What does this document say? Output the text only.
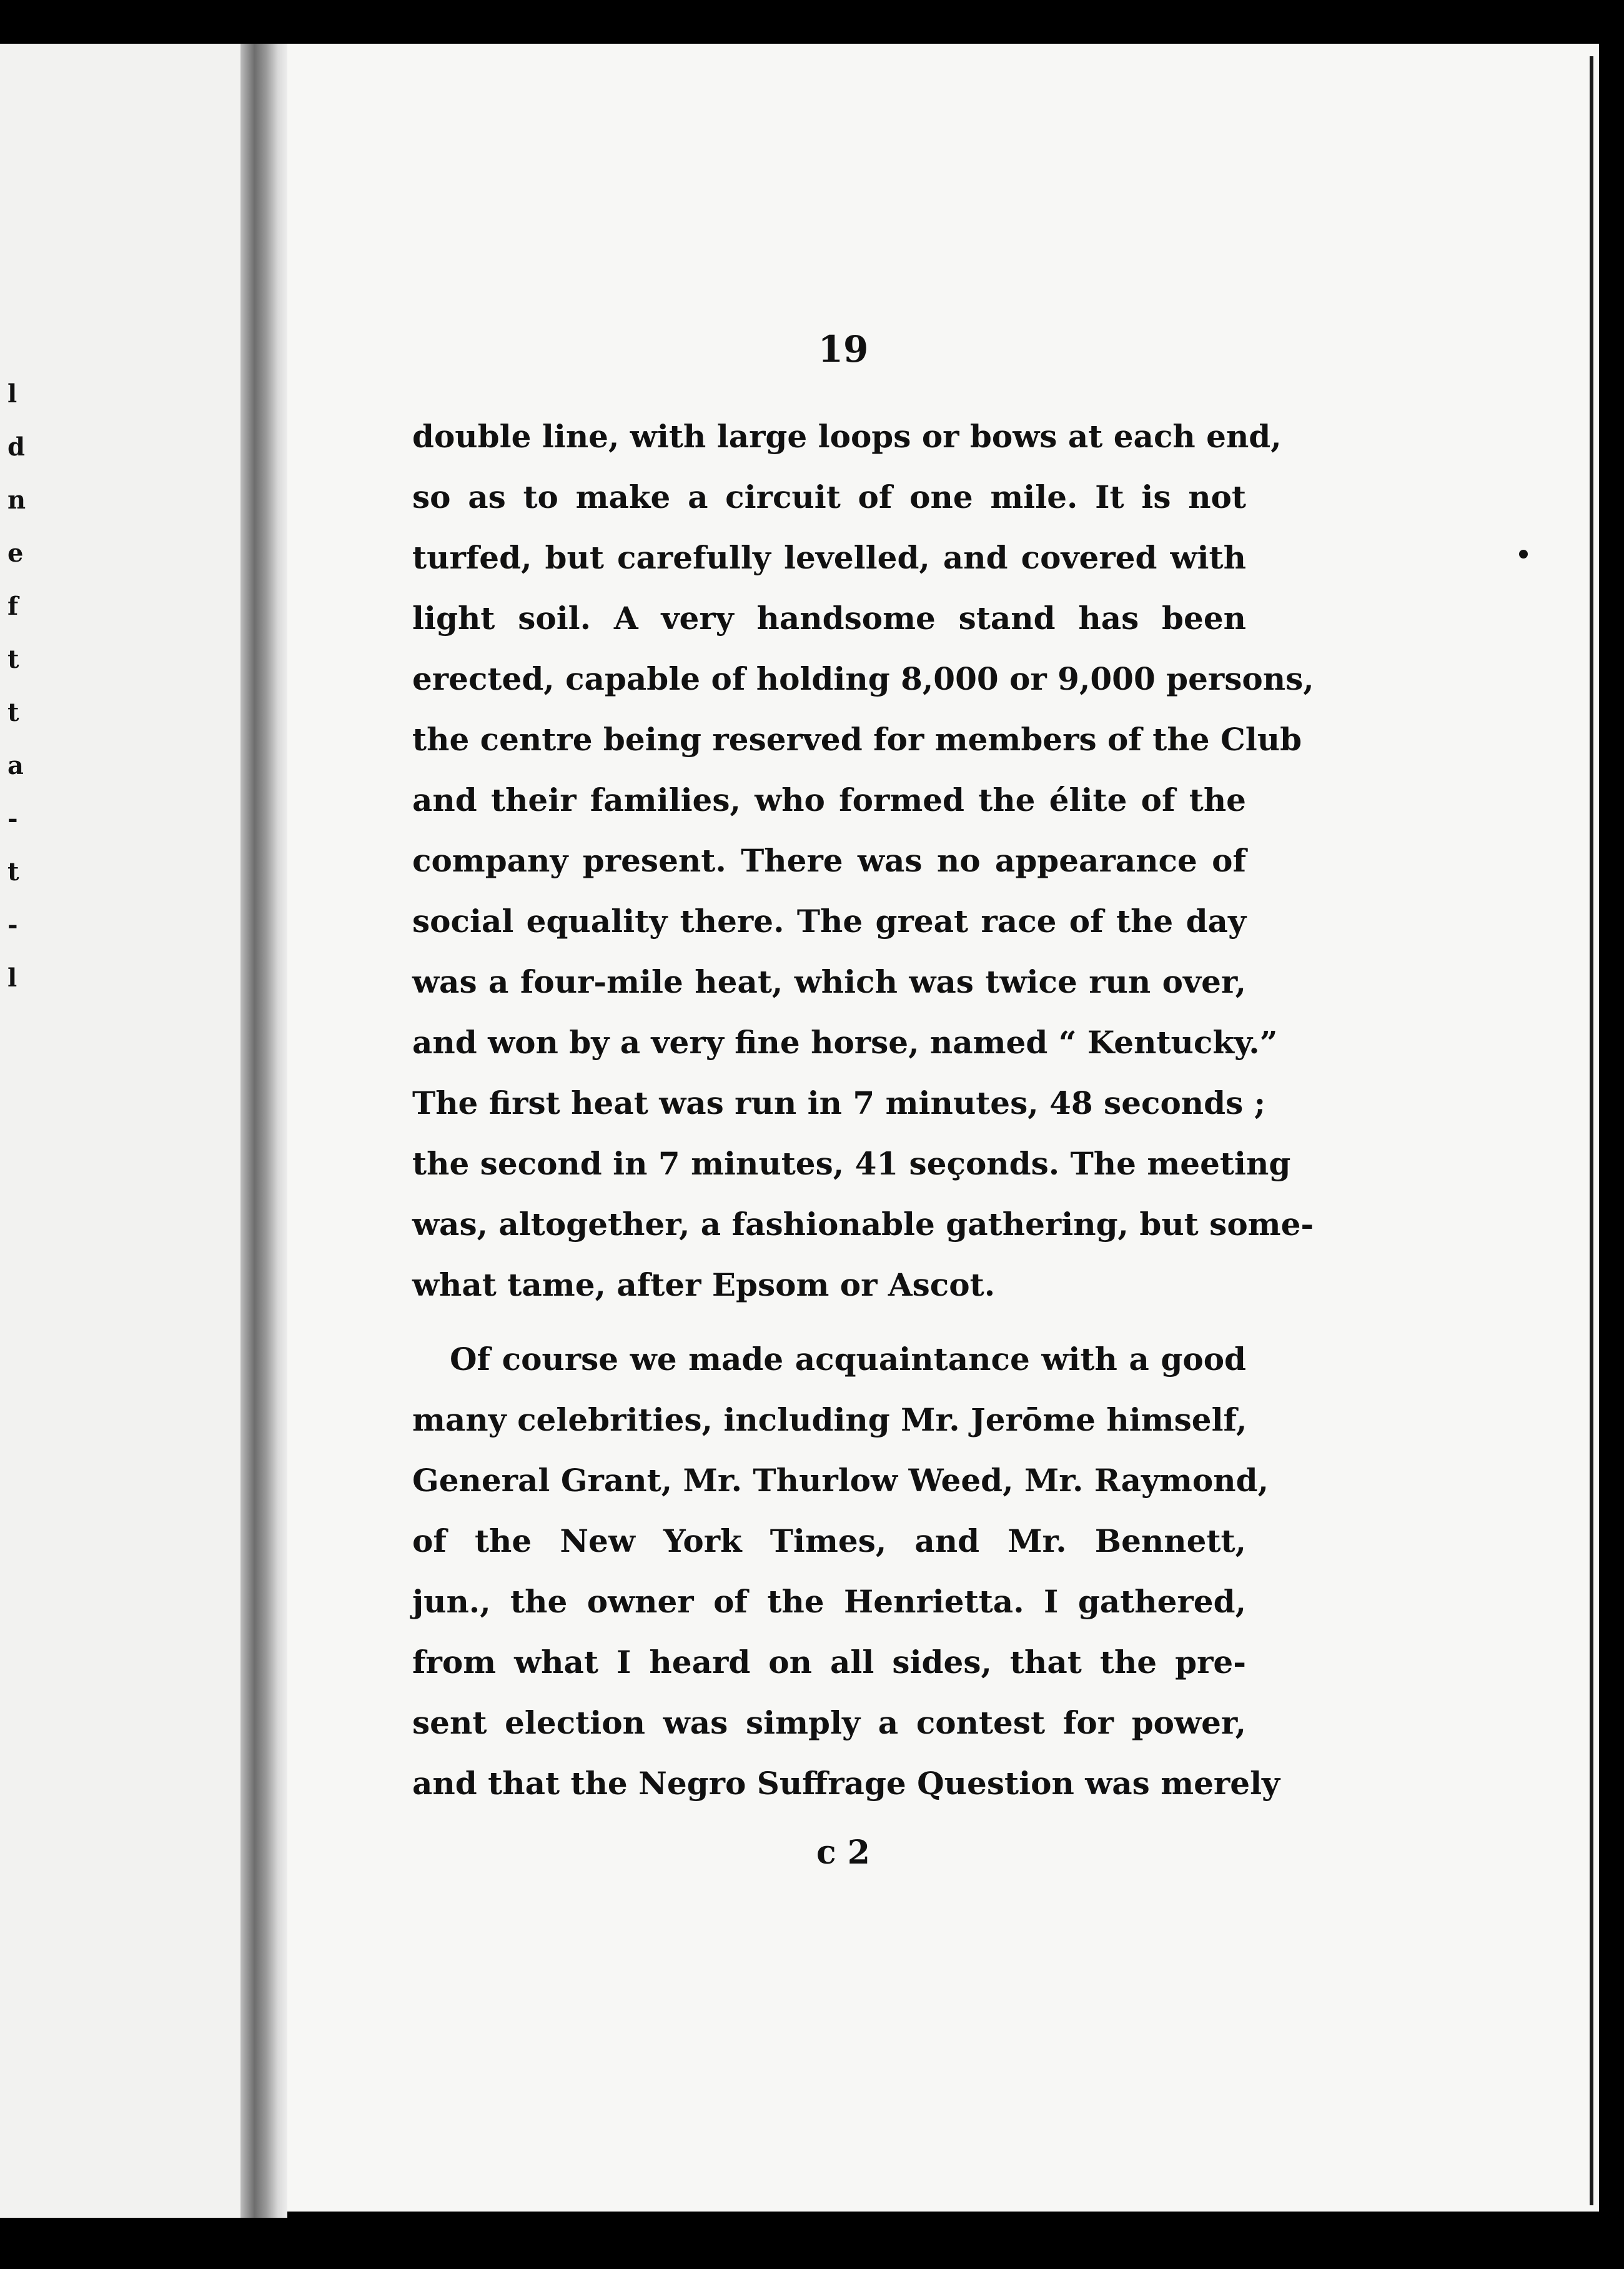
l
d
n
e
f
t
t
a
-
t
-
l
19
double line, with large loops or bows at each end,
so as to make a circuit of one mile. It is not
turfed, but carefully levelled, and covered with
light soil. A very handsome stand has been
erected, capable of holding 8,000 or 9,000 persons,
the centre being reserved for members of the Club
and their families, who formed the élite of the
company present. There was no appearance of
social equality there. The great race of the day
was a four-mile heat, which was twice run over,
and won by a very fine horse, named “ Kentucky.”
The first heat was run in 7 minutes, 48 seconds ;
the second in 7 minutes, 41 seçonds. The meeting
was, altogether, a fashionable gathering, but some-
what tame, after Epsom or Ascot.
Of course we made acquaintance with a good
many celebrities, including Mr. Jerōme himself,
General Grant, Mr. Thurlow Weed, Mr. Raymond,
of the New York Times, and Mr. Bennett,
jun., the owner of the Henrietta. I gathered,
from what I heard on all sides, that the pre-
sent election was simply a contest for power,
and that the Negro Suffrage Question was merely
c 2
